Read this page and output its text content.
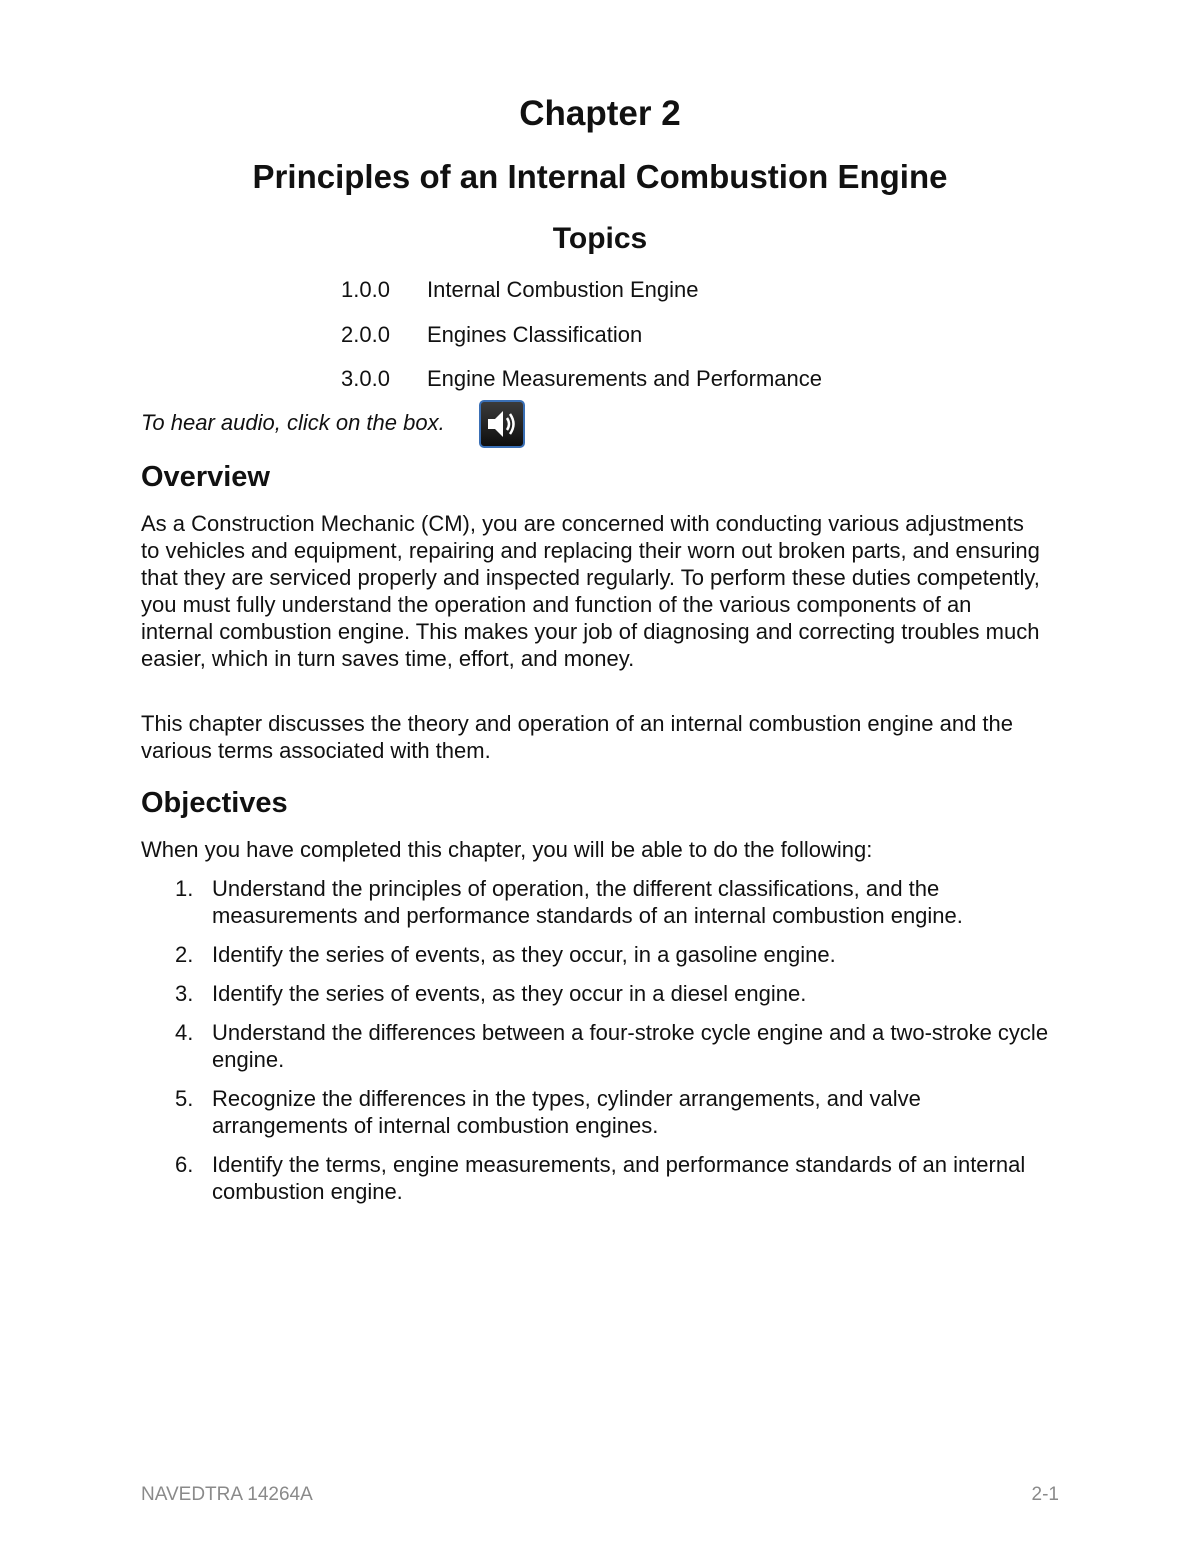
Chapter 2
Principles of an Internal Combustion Engine
Topics
1.0.0 Internal Combustion Engine
2.0.0 Engines Classification
3.0.0 Engine Measurements and Performance
To hear audio, click on the box.
Overview

As a Construction Mechanic (CM), you are concerned with conducting various adjustments to vehicles and equipment, repairing and replacing their worn out broken parts, and ensuring that they are serviced properly and inspected regularly. To perform these duties competently, you must fully understand the operation and function of the various components of an internal combustion engine. This makes your job of diagnosing and correcting troubles much easier, which in turn saves time, effort, and money.

This chapter discusses the theory and operation of an internal combustion engine and the various terms associated with them.

Objectives

When you have completed this chapter, you will be able to do the following:

1. Understand the principles of operation, the different classifications, and the measurements and performance standards of an internal combustion engine.
2. Identify the series of events, as they occur, in a gasoline engine.
3. Identify the series of events, as they occur in a diesel engine.
4. Understand the differences between a four-stroke cycle engine and a two-stroke cycle engine.
5. Recognize the differences in the types, cylinder arrangements, and valve arrangements of internal combustion engines.
6. Identify the terms, engine measurements, and performance standards of an internal combustion engine.
NAVEDTRA 14264A	2-1
